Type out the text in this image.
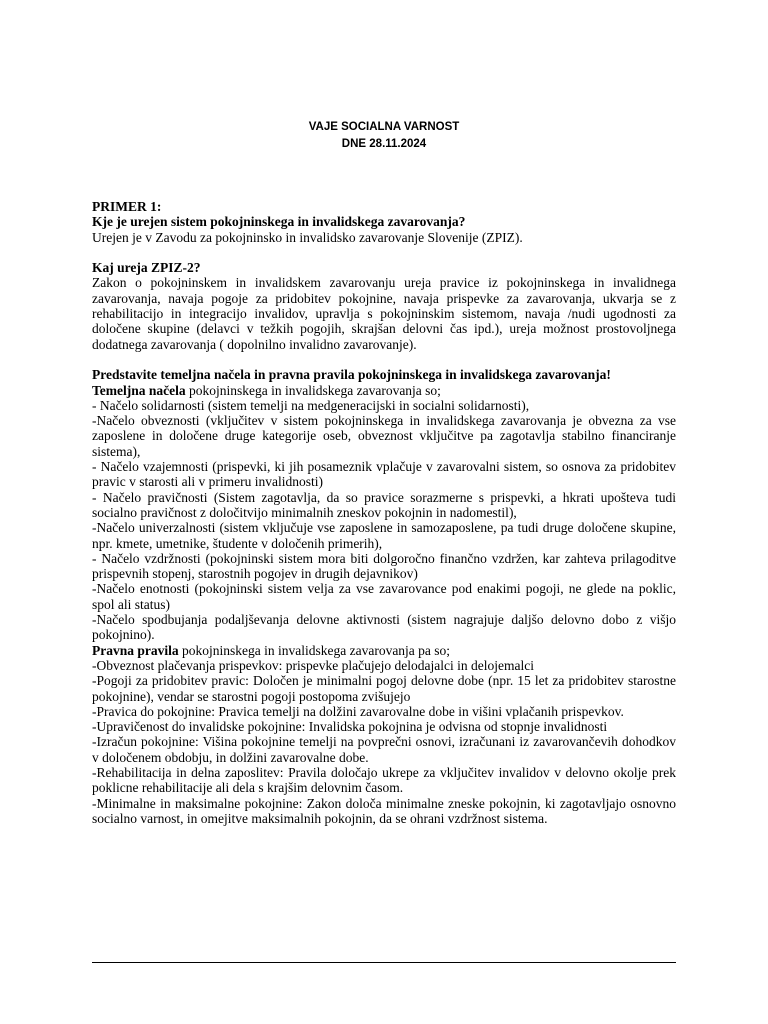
VAJE SOCIALNA VARNOST
DNE 28.11.2024

PRIMER 1:

Kje je urejen sistem pokojninskega in invalidskega zavarovanja?

Urejen je v Zavodu za pokojninsko in invalidsko zavarovanje Slovenije (ZPIZ).

Kaj ureja ZPIZ-2?

Zakon o pokojninskem in invalidskem zavarovanju ureja pravice iz pokojninskega in invalidnega zavarovanja, navaja pogoje za pridobitev pokojnine, navaja prispevke za zavarovanja, ukvarja se z rehabilitacijo in integracijo invalidov, upravlja s pokojninskim sistemom, navaja /nudi ugodnosti za določene skupine (delavci v težkih pogojih, skrajšan delovni čas ipd.), ureja možnost prostovoljnega dodatnega zavarovanja ( dopolnilno invalidno zavarovanje).

Predstavite temeljna načela in pravna pravila pokojninskega in invalidskega zavarovanja!

Temeljna načela pokojninskega in invalidskega zavarovanja so;

- Načelo solidarnosti (sistem temelji na medgeneracijski in socialni solidarnosti),

-Načelo obveznosti (vključitev v sistem pokojninskega in invalidskega zavarovanja je obvezna za vse zaposlene in določene druge kategorije oseb, obveznost vključitve pa zagotavlja stabilno financiranje sistema),

- Načelo vzajemnosti (prispevki, ki jih posameznik vplačuje v zavarovalni sistem, so osnova za pridobitev pravic v starosti ali v primeru invalidnosti)

- Načelo pravičnosti (Sistem zagotavlja, da so pravice sorazmerne s prispevki, a hkrati upošteva tudi socialno pravičnost z določitvijo minimalnih zneskov pokojnin in nadomestil),

-Načelo univerzalnosti (sistem vključuje vse zaposlene in samozaposlene, pa tudi druge določene skupine, npr. kmete, umetnike, študente v določenih primerih),

- Načelo vzdržnosti (pokojninski sistem mora biti dolgoročno finančno vzdržen, kar zahteva prilagoditve prispevnih stopenj, starostnih pogojev in drugih dejavnikov)

-Načelo enotnosti (pokojninski sistem velja za vse zavarovance pod enakimi pogoji, ne glede na poklic, spol ali status)

-Načelo spodbujanja podaljševanja delovne aktivnosti (sistem nagrajuje daljšo delovno dobo z višjo pokojnino).

Pravna pravila pokojninskega in invalidskega zavarovanja pa so;

-Obveznost plačevanja prispevkov: prispevke plačujejo delodajalci in delojemalci

-Pogoji za pridobitev pravic: Določen je minimalni pogoj delovne dobe (npr. 15 let za pridobitev starostne pokojnine), vendar se starostni pogoji postopoma zvišujejo

-Pravica do pokojnine: Pravica temelji na dolžini zavarovalne dobe in višini vplačanih prispevkov.

-Upravičenost do invalidske pokojnine: Invalidska pokojnina je odvisna od stopnje invalidnosti

-Izračun pokojnine: Višina pokojnine temelji na povprečni osnovi, izračunani iz zavarovančevih dohodkov v določenem obdobju, in dolžini zavarovalne dobe.

-Rehabilitacija in delna zaposlitev: Pravila določajo ukrepe za vključitev invalidov v delovno okolje prek poklicne rehabilitacije ali dela s krajšim delovnim časom.

-Minimalne in maksimalne pokojnine: Zakon določa minimalne zneske pokojnin, ki zagotavljajo osnovno socialno varnost, in omejitve maksimalnih pokojnin, da se ohrani vzdržnost sistema.
